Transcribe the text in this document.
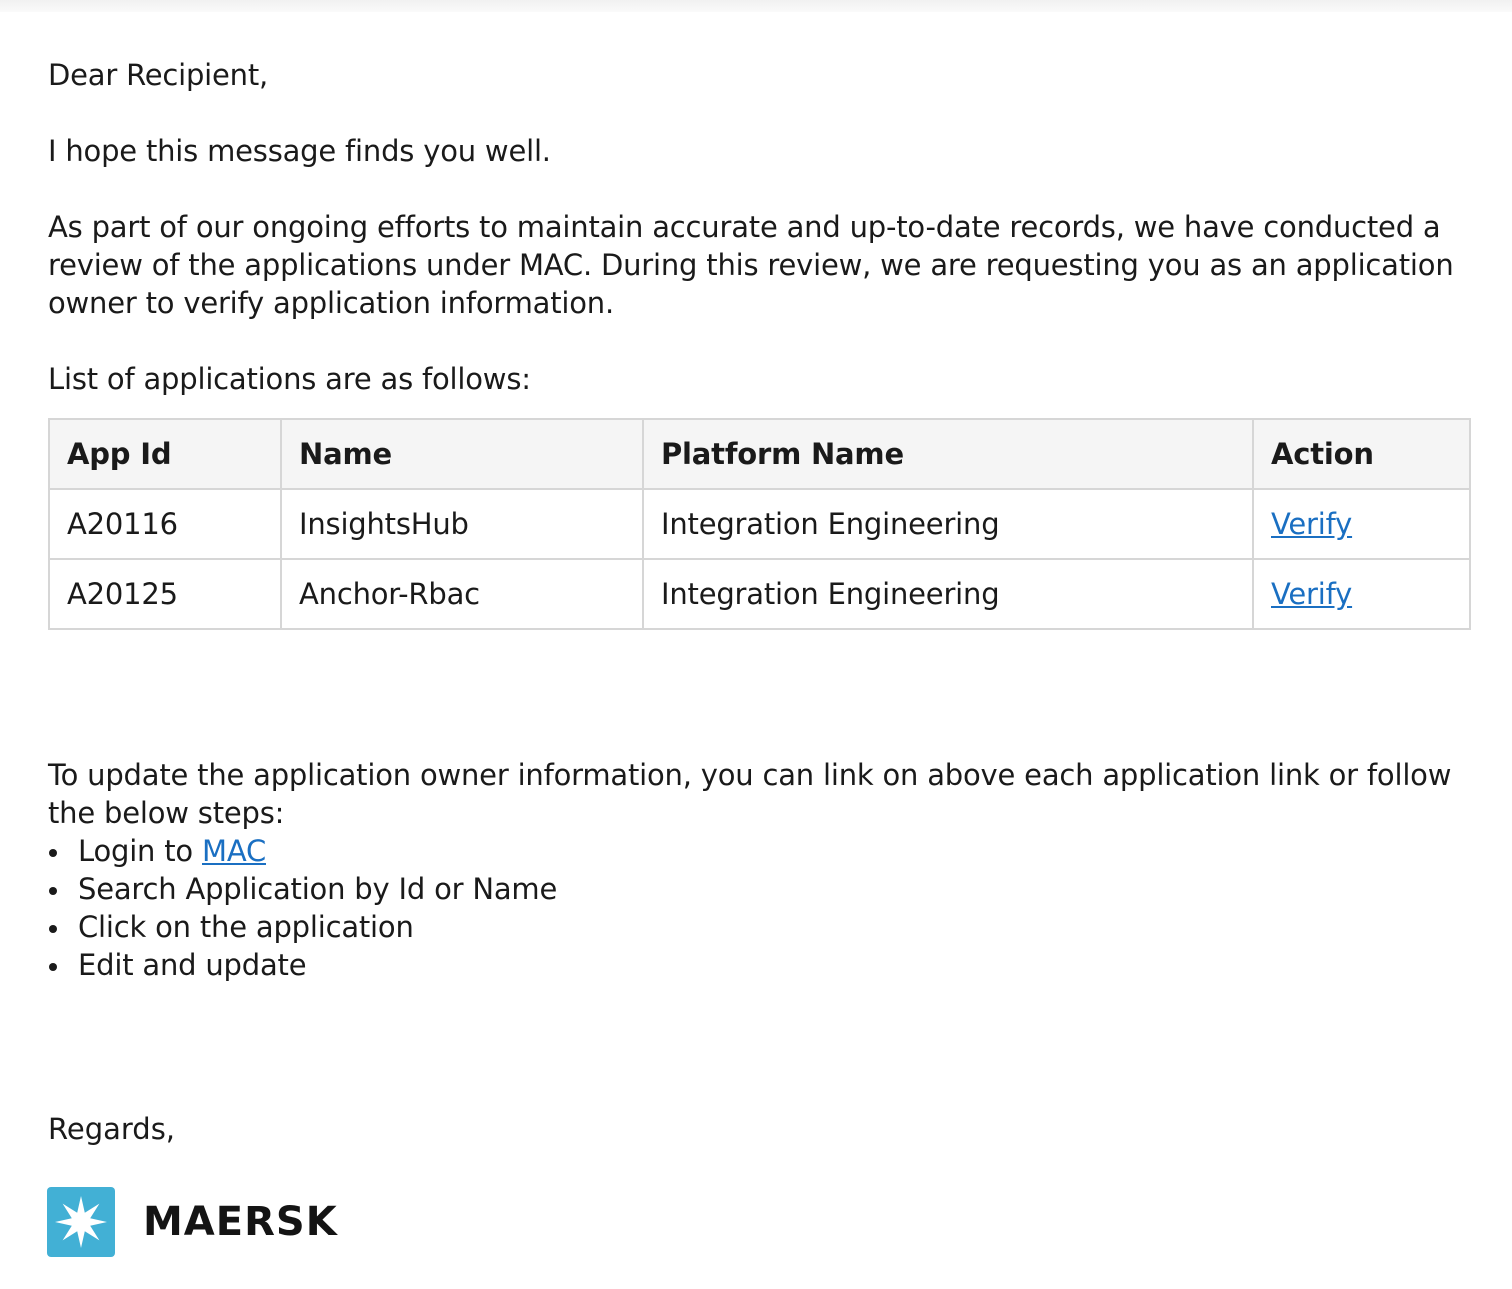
Dear Recipient,

I hope this message finds you well.

As part of our ongoing efforts to maintain accurate and up-to-date records, we have conducted a review of the applications under MAC. During this review, we are requesting you as an application owner to verify application information.

List of applications are as follows:

App Id	Name	Platform Name	Action
A20116	InsightsHub	Integration Engineering	Verify
A20125	Anchor-Rbac	Integration Engineering	Verify

To update the application owner information, you can link on above each application link or follow the below steps:

Login to MAC
Search Application by Id or Name
Click on the application
Edit and update
Regards,
MAERSK
